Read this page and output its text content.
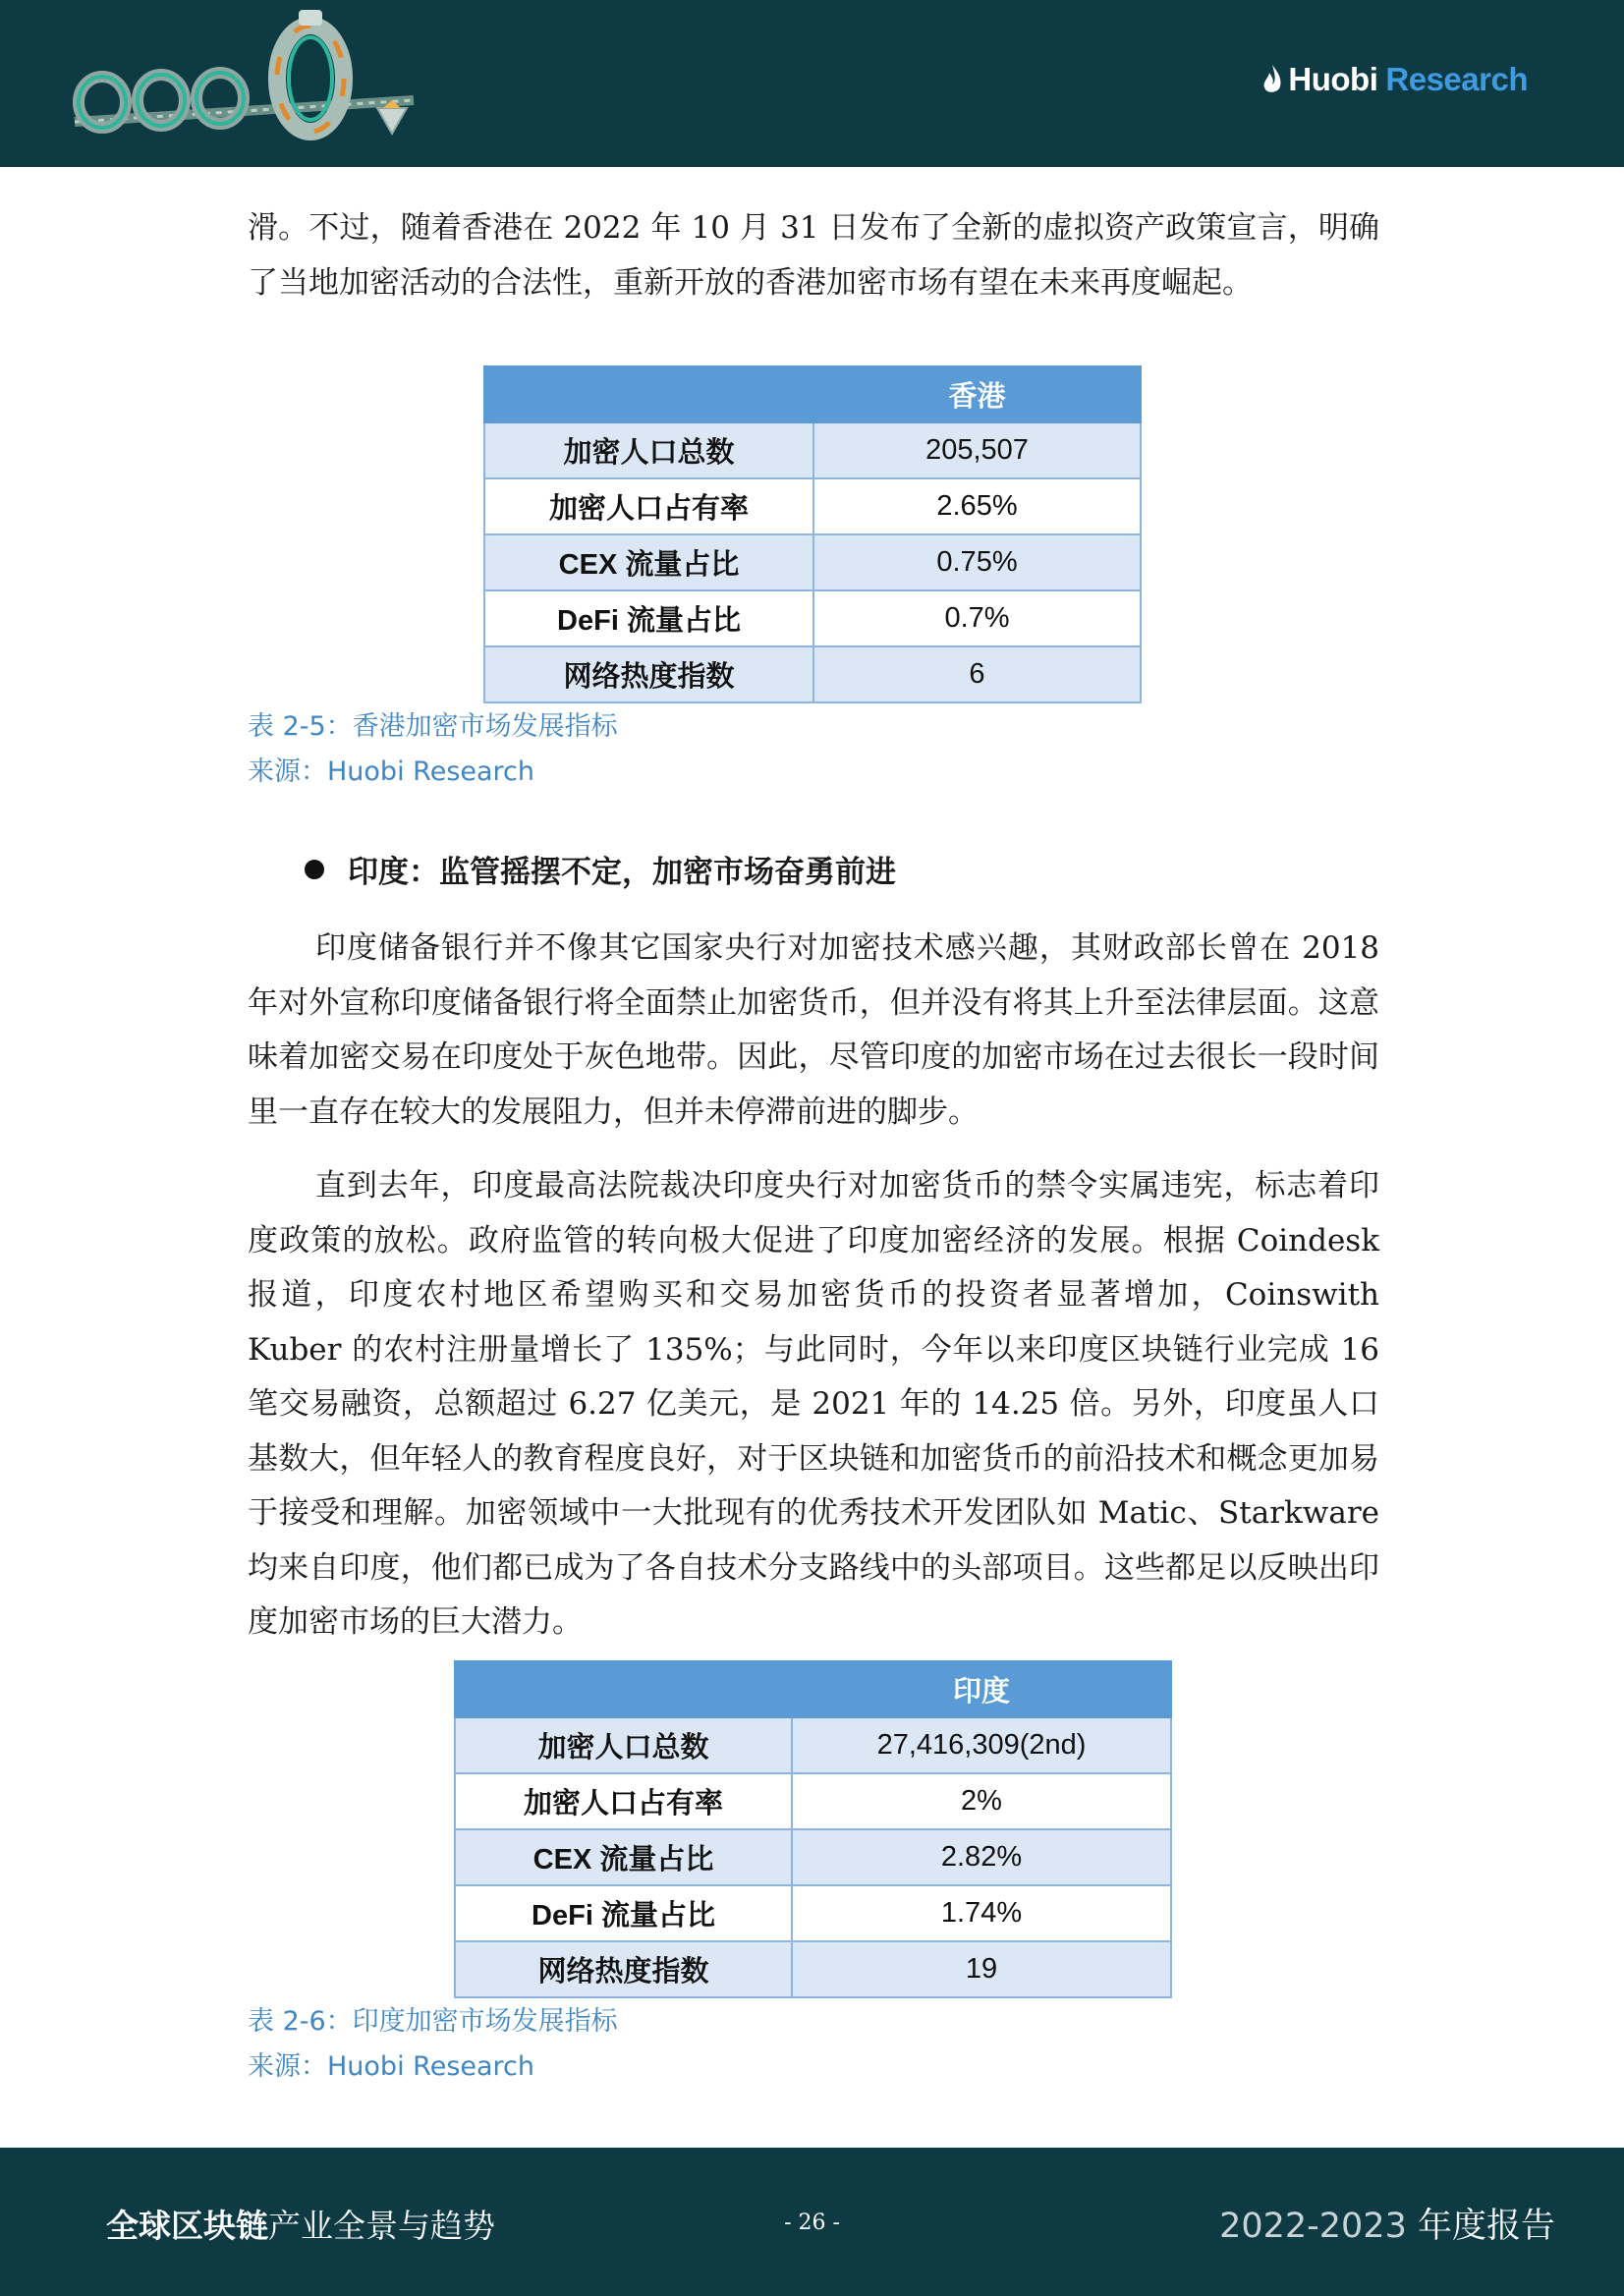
Huobi Research

滑。不过，随着香港在 2022 年 10 月 31 日发布了全新的虚拟资产政策宣言，明确了当地加密活动的合法性，重新开放的香港加密市场有望在未来再度崛起。

	香港
加密人口总数	205,507
加密人口占有率	2.65%
CEX 流量占比	0.75%
DeFi 流量占比	0.7%
网络热度指数	6
表 2-5：香港加密市场发展指标
来源：Huobi Research
印度：监管摇摆不定，加密市场奋勇前进

印度储备银行并不像其它国家央行对加密技术感兴趣，其财政部长曾在 2018 年对外宣称印度储备银行将全面禁止加密货币，但并没有将其上升至法律层面。这意味着加密交易在印度处于灰色地带。因此，尽管印度的加密市场在过去很长一段时间里一直存在较大的发展阻力，但并未停滞前进的脚步。

直到去年，印度最高法院裁决印度央行对加密货币的禁令实属违宪，标志着印度政策的放松。政府监管的转向极大促进了印度加密经济的发展。根据 Coindesk 报道，印度农村地区希望购买和交易加密货币的投资者显著增加，Coinswith Kuber 的农村注册量增长了 135%；与此同时，今年以来印度区块链行业完成 16 笔交易融资，总额超过 6.27 亿美元，是 2021 年的 14.25 倍。另外，印度虽人口基数大，但年轻人的教育程度良好，对于区块链和加密货币的前沿技术和概念更加易于接受和理解。加密领域中一大批现有的优秀技术开发团队如 Matic、Starkware 均来自印度，他们都已成为了各自技术分支路线中的头部项目。这些都足以反映出印度加密市场的巨大潜力。

	印度
加密人口总数	27,416,309(2nd)
加密人口占有率	2%
CEX 流量占比	2.82%
DeFi 流量占比	1.74%
网络热度指数	19
表 2-6：印度加密市场发展指标
来源：Huobi Research
全球区块链产业全景与趋势	- 26 -	2022-2023 年度报告
